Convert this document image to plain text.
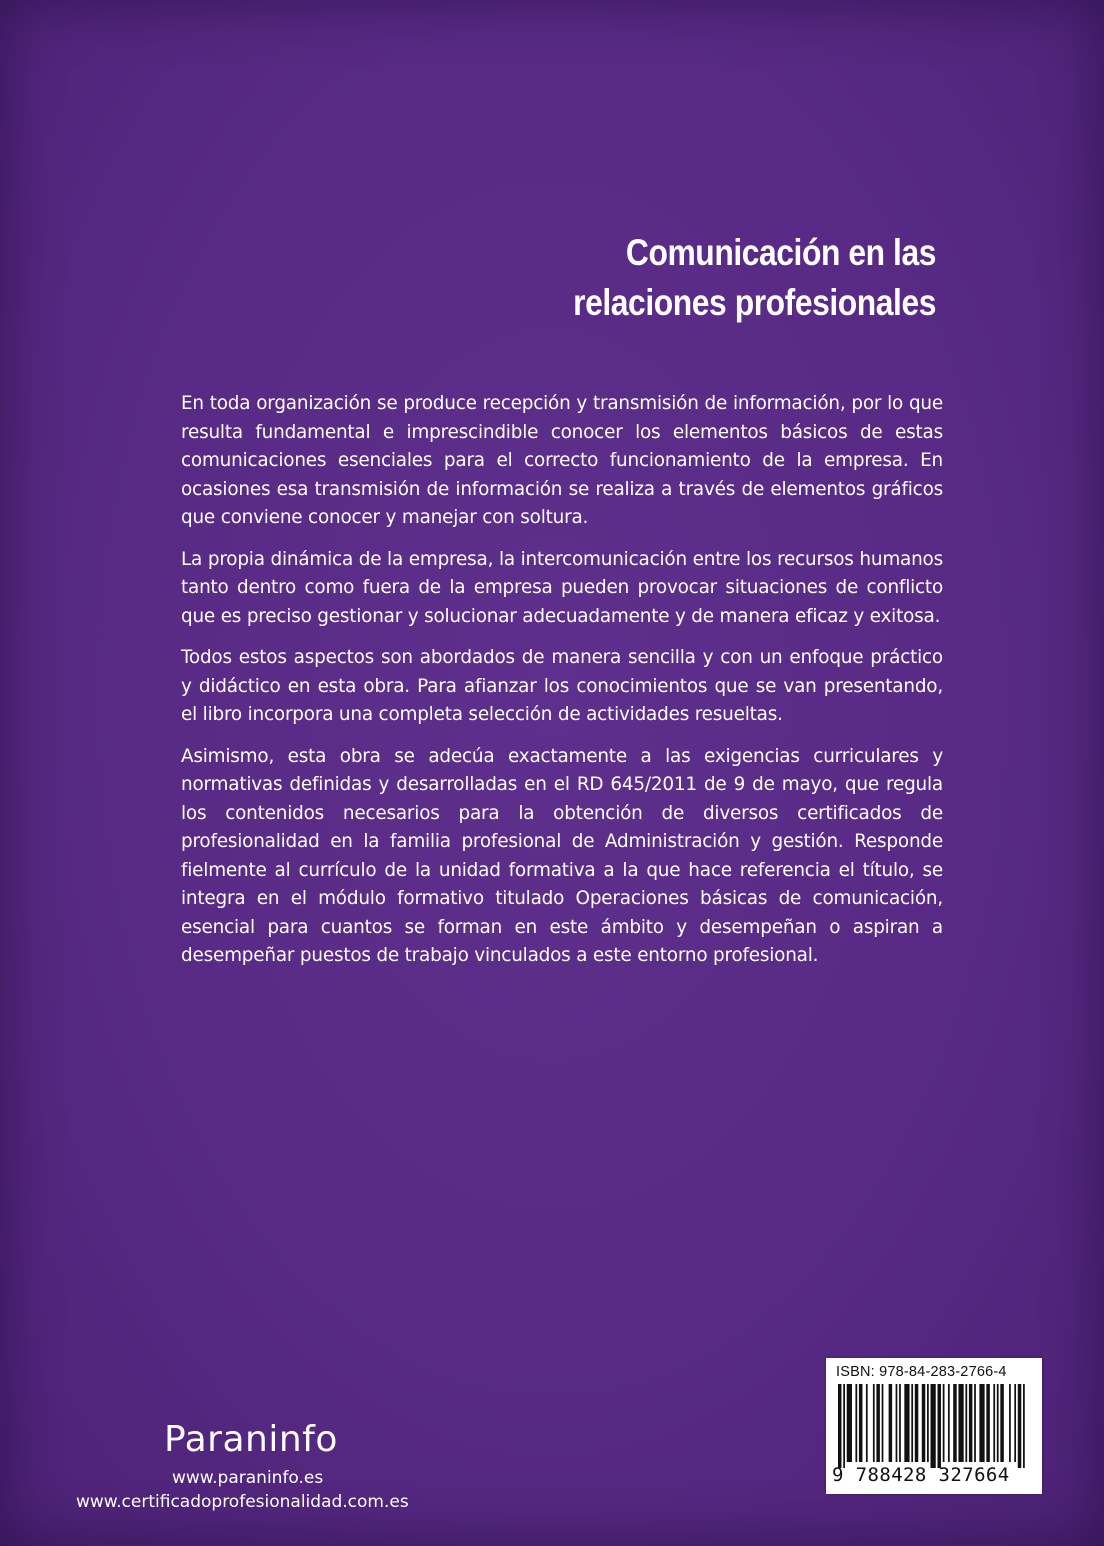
Comunicación en las
relaciones profesionales

En toda organización se produce recepción y transmisión de información, por lo que resulta fundamental e imprescindible conocer los elementos básicos de estas comunicaciones esenciales para el correcto funcionamiento de la empresa. En ocasiones esa transmisión de información se realiza a través de elementos gráficos que conviene conocer y manejar con soltura.

La propia dinámica de la empresa, la intercomunicación entre los recursos humanos tanto dentro como fuera de la empresa pueden provocar situaciones de conflicto que es preciso gestionar y solucionar adecuadamente y de manera eficaz y exitosa.

Todos estos aspectos son abordados de manera sencilla y con un enfoque práctico y didáctico en esta obra. Para afianzar los conocimientos que se van presentando, el libro incorpora una completa selección de actividades resueltas.

Asimismo, esta obra se adecúa exactamente a las exigencias curriculares y normativas definidas y desarrolladas en el RD 645/2011 de 9 de mayo, que regula los contenidos necesarios para la obtención de diversos certificados de profesionalidad en la familia profesional de Administración y gestión. Responde fielmente al currículo de la unidad formativa a la que hace referencia el título, se integra en el módulo formativo titulado Operaciones básicas de comunicación, esencial para cuantos se forman en este ámbito y desempeñan o aspiran a desempeñar puestos de trabajo vinculados a este entorno profesional.

Paraninfo
www.paraninfo.es
www.certificadoprofesionalidad.com.es
ISBN: 978-84-283-2766-4
9 788428 327664
